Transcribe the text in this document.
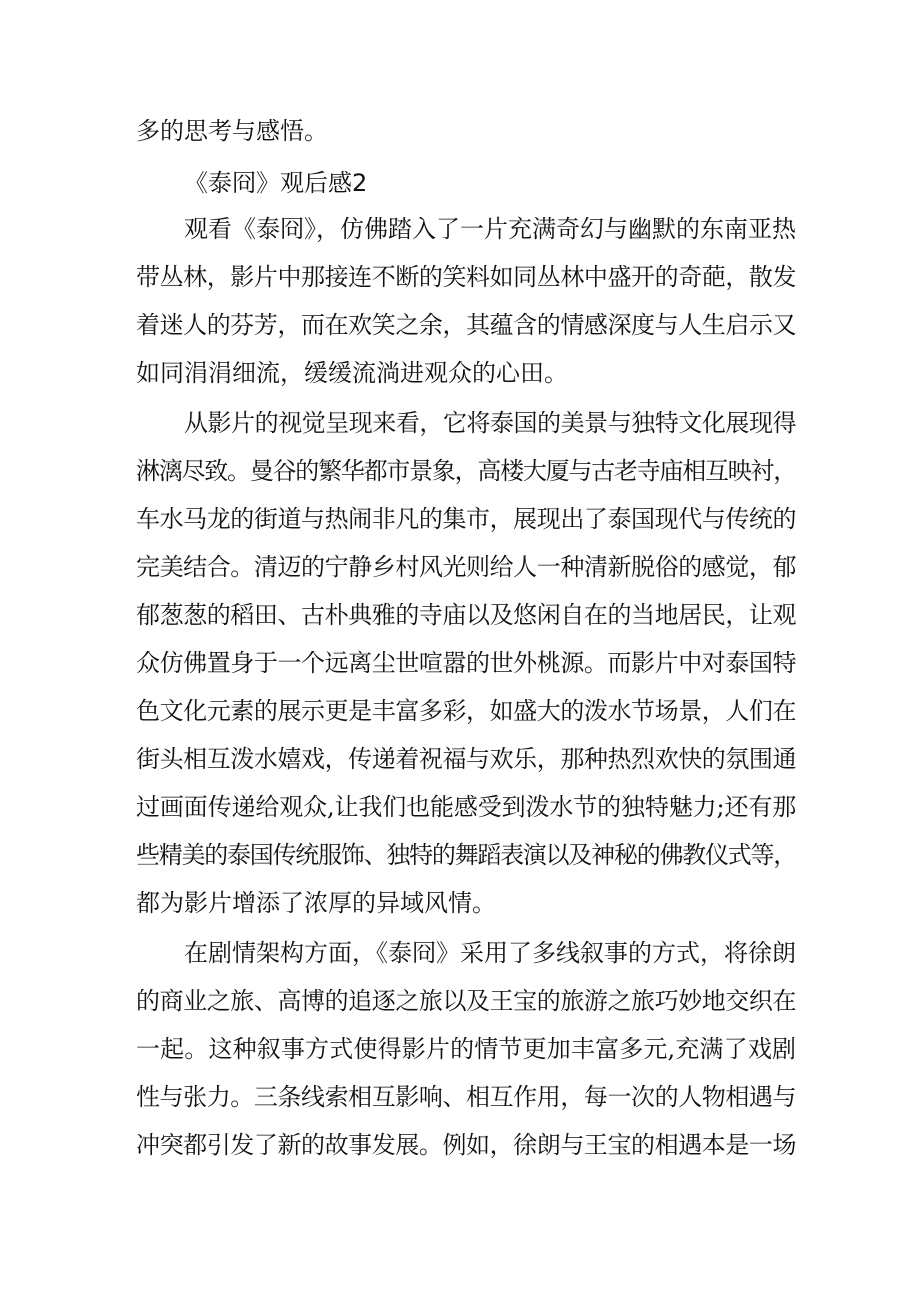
多的思考与感悟。
《泰冏》观后感2
观看《泰冏》，仿佛踏入了一片充满奇幻与幽默的东南亚热
带丛林，影片中那接连不断的笑料如同丛林中盛开的奇葩，散发
着迷人的芬芳，而在欢笑之余，其蕴含的情感深度与人生启示又
如同涓涓细流，缓缓流淌进观众的心田。
从影片的视觉呈现来看，它将泰国的美景与独特文化展现得
淋漓尽致。曼谷的繁华都市景象，高楼大厦与古老寺庙相互映衬，
车水马龙的街道与热闹非凡的集市，展现出了泰国现代与传统的
完美结合。清迈的宁静乡村风光则给人一种清新脱俗的感觉，郁
郁葱葱的稻田、古朴典雅的寺庙以及悠闲自在的当地居民，让观
众仿佛置身于一个远离尘世喧嚣的世外桃源。而影片中对泰国特
色文化元素的展示更是丰富多彩，如盛大的泼水节场景，人们在
街头相互泼水嬉戏，传递着祝福与欢乐，那种热烈欢快的氛围通
过画面传递给观众,让我们也能感受到泼水节的独特魅力;还有那
些精美的泰国传统服饰、独特的舞蹈表演以及神秘的佛教仪式等，
都为影片增添了浓厚的异域风情。
在剧情架构方面，《泰冏》采用了多线叙事的方式，将徐朗
的商业之旅、高博的追逐之旅以及王宝的旅游之旅巧妙地交织在
一起。这种叙事方式使得影片的情节更加丰富多元,充满了戏剧
性与张力。三条线索相互影响、相互作用，每一次的人物相遇与
冲突都引发了新的故事发展。例如，徐朗与王宝的相遇本是一场
